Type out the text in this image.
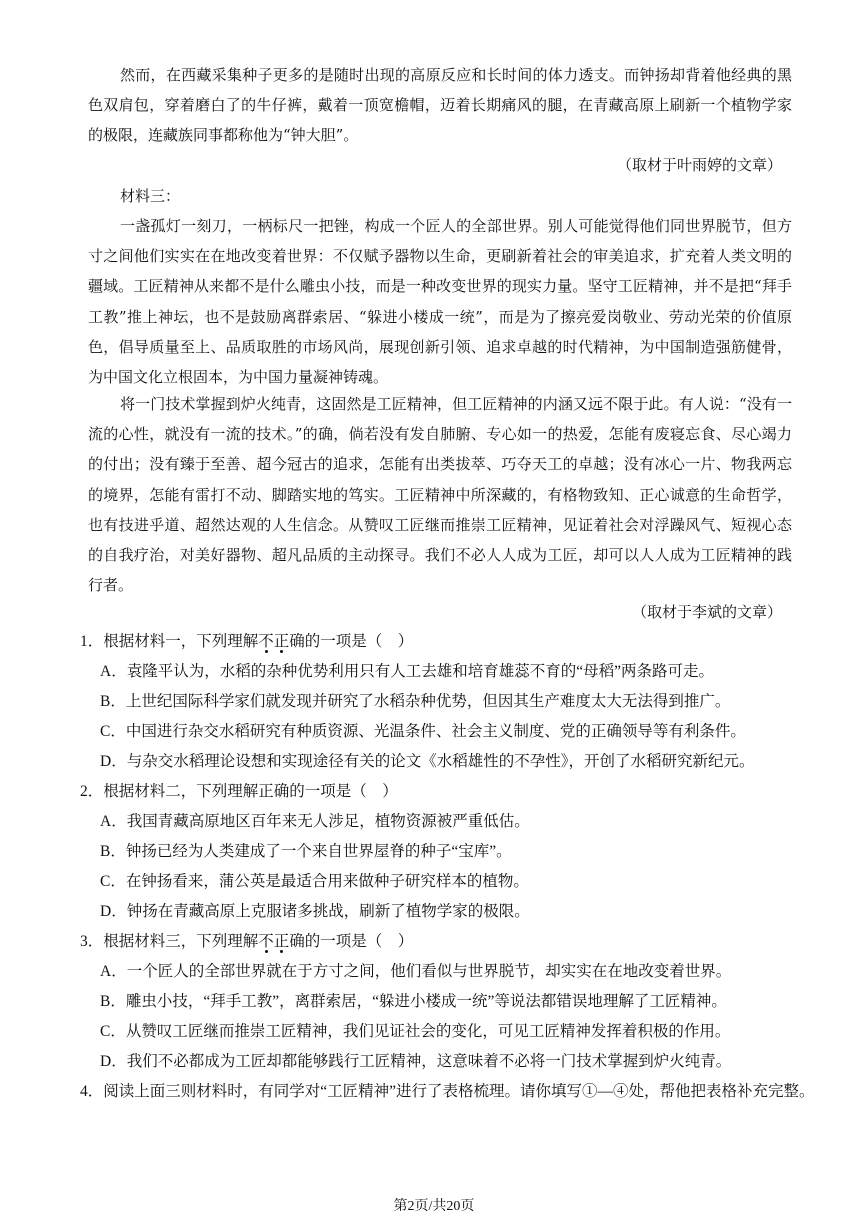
然而，在西藏采集种子更多的是随时出现的高原反应和长时间的体力透支。而钟扬却背着他经典的黑色双肩包，穿着磨白了的牛仔裤，戴着一顶宽檐帽，迈着长期痛风的腿，在青藏高原上刷新一个植物学家的极限，连藏族同事都称他为“钟大胆”。

（取材于叶雨婷的文章）
材料三：

一盏孤灯一刻刀，一柄标尺一把锉，构成一个匠人的全部世界。别人可能觉得他们同世界脱节，但方寸之间他们实实在在地改变着世界：不仅赋予器物以生命，更刷新着社会的审美追求，扩充着人类文明的疆域。工匠精神从来都不是什么雕虫小技，而是一种改变世界的现实力量。坚守工匠精神，并不是把“拜手工教”推上神坛，也不是鼓励离群索居、“躲进小楼成一统”，而是为了擦亮爱岗敬业、劳动光荣的价值原色，倡导质量至上、品质取胜的市场风尚，展现创新引领、追求卓越的时代精神，为中国制造强筋健骨，为中国文化立根固本，为中国力量凝神铸魂。

将一门技术掌握到炉火纯青，这固然是工匠精神，但工匠精神的内涵又远不限于此。有人说：“没有一流的心性，就没有一流的技术。”的确，倘若没有发自肺腑、专心如一的热爱，怎能有废寝忘食、尽心竭力的付出；没有臻于至善、超今冠古的追求，怎能有出类拔萃、巧夺天工的卓越；没有冰心一片、物我两忘的境界，怎能有雷打不动、脚踏实地的笃实。工匠精神中所深藏的，有格物致知、正心诚意的生命哲学，也有技进乎道、超然达观的人生信念。从赞叹工匠继而推崇工匠精神，见证着社会对浮躁风气、短视心态的自我疗治，对美好器物、超凡品质的主动探寻。我们不必人人成为工匠，却可以人人成为工匠精神的践行者。

（取材于李斌的文章）
1．根据材料一，下列理解不正确的一项是（　）
A．袁隆平认为，水稻的杂种优势利用只有人工去雄和培育雄蕊不育的“母稻”两条路可走。
B．上世纪国际科学家们就发现并研究了水稻杂种优势，但因其生产难度太大无法得到推广。
C．中国进行杂交水稻研究有种质资源、光温条件、社会主义制度、党的正确领导等有利条件。
D．与杂交水稻理论设想和实现途径有关的论文《水稻雄性的不孕性》，开创了水稻研究新纪元。
2．根据材料二，下列理解正确的一项是（　）
A．我国青藏高原地区百年来无人涉足，植物资源被严重低估。
B．钟扬已经为人类建成了一个来自世界屋脊的种子“宝库”。
C．在钟扬看来，蒲公英是最适合用来做种子研究样本的植物。
D．钟扬在青藏高原上克服诸多挑战，刷新了植物学家的极限。
3．根据材料三，下列理解不正确的一项是（　）
A．一个匠人的全部世界就在于方寸之间，他们看似与世界脱节，却实实在在地改变着世界。
B．雕虫小技，“拜手工教”，离群索居，“躲进小楼成一统”等说法都错误地理解了工匠精神。
C．从赞叹工匠继而推崇工匠精神，我们见证社会的变化，可见工匠精神发挥着积极的作用。
D．我们不必都成为工匠却都能够践行工匠精神，这意味着不必将一门技术掌握到炉火纯青。
4．阅读上面三则材料时，有同学对“工匠精神”进行了表格梳理。请你填写①—④处，帮他把表格补充完整。
第2页/共20页
